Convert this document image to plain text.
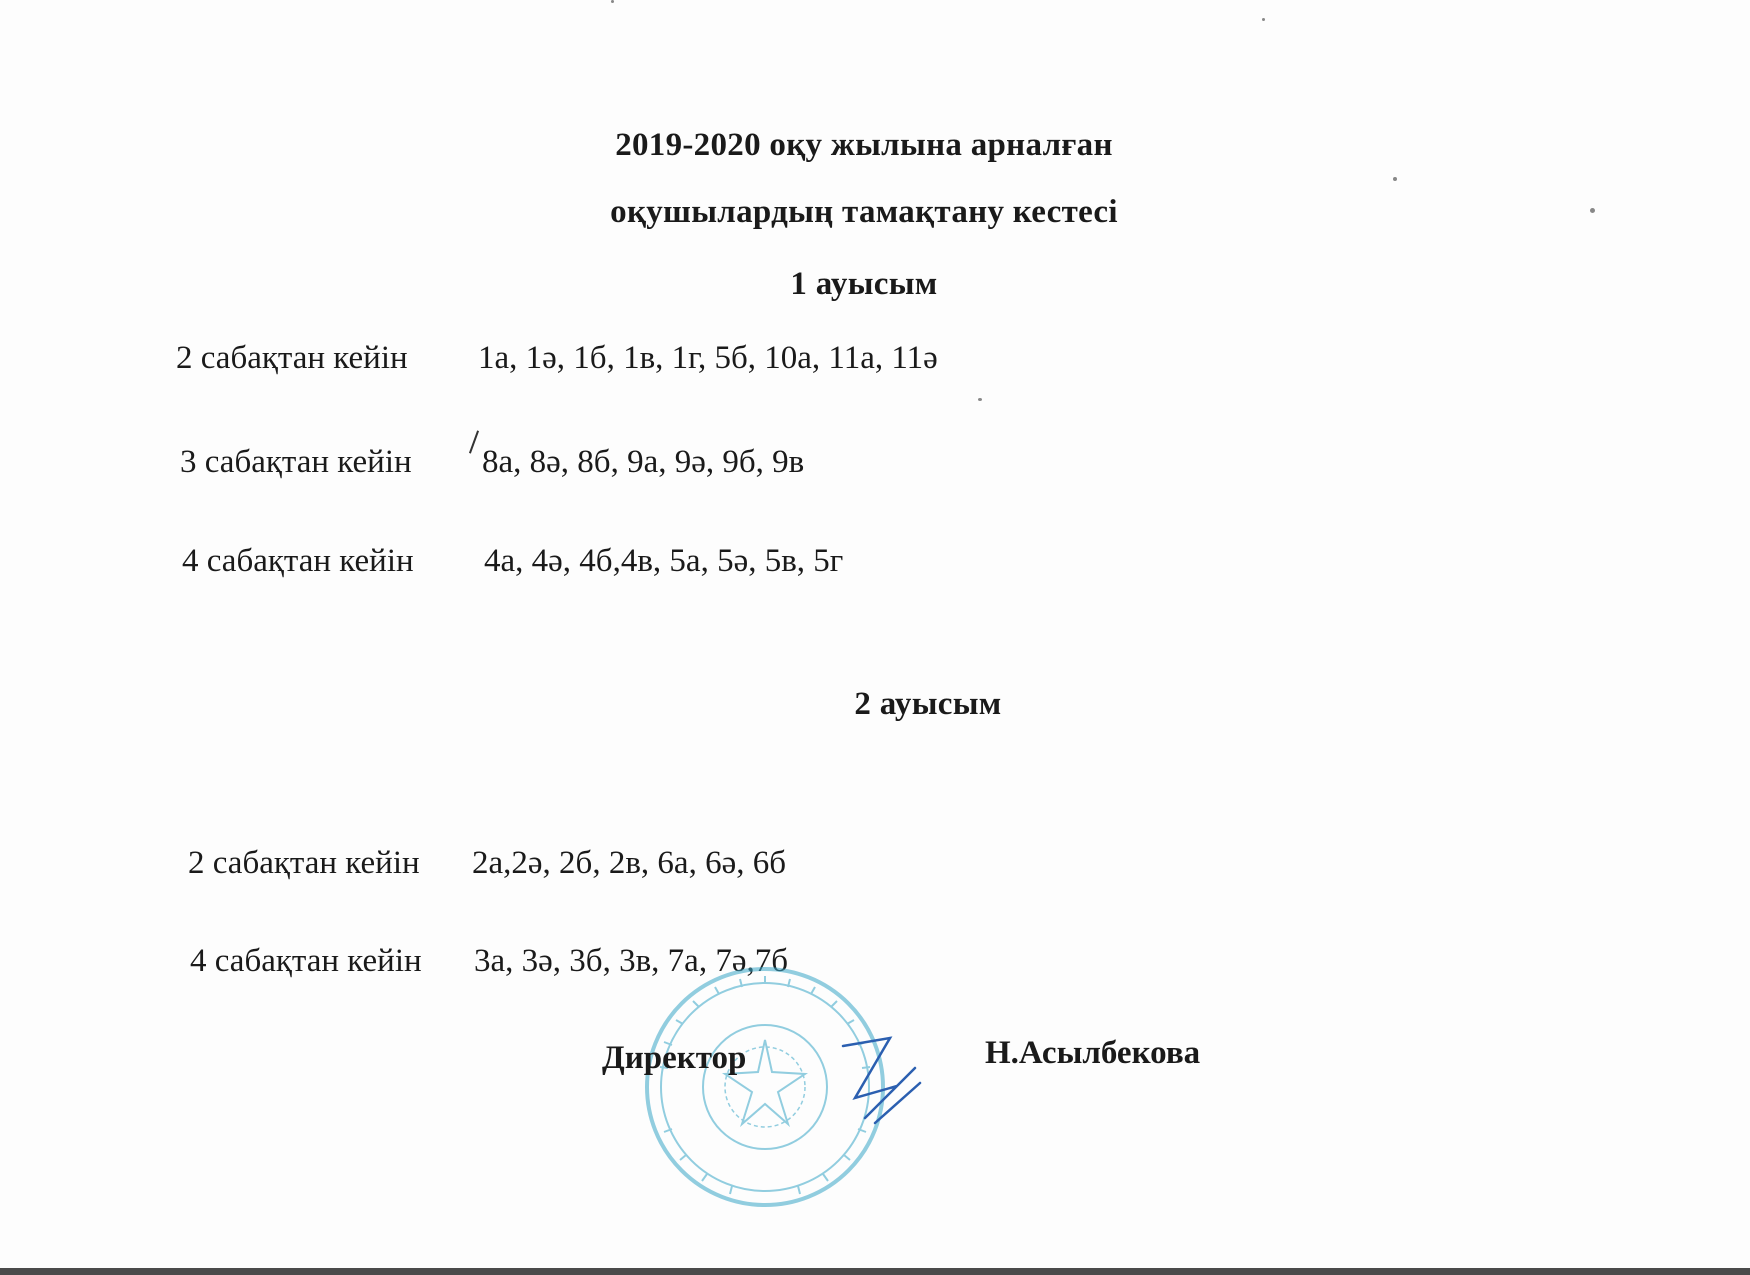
2019-2020 оқу жылына арналған
оқушылардың тамақтану кестесі
1 ауысым
2 сабақтан кейін 1а, 1ә, 1б, 1в, 1г, 5б, 10а, 11а, 11ә
3 сабақтан кейін 8а, 8ә, 8б, 9а, 9ә, 9б, 9в
4 сабақтан кейін 4а, 4ә, 4б,4в, 5а, 5ә, 5в, 5г
2 ауысым
2 сабақтан кейін 2а,2ә, 2б, 2в, 6а, 6ә, 6б
4 сабақтан кейін 3а, 3ә, 3б, 3в, 7а, 7ә,7б
Директор	Н.Асылбекова
